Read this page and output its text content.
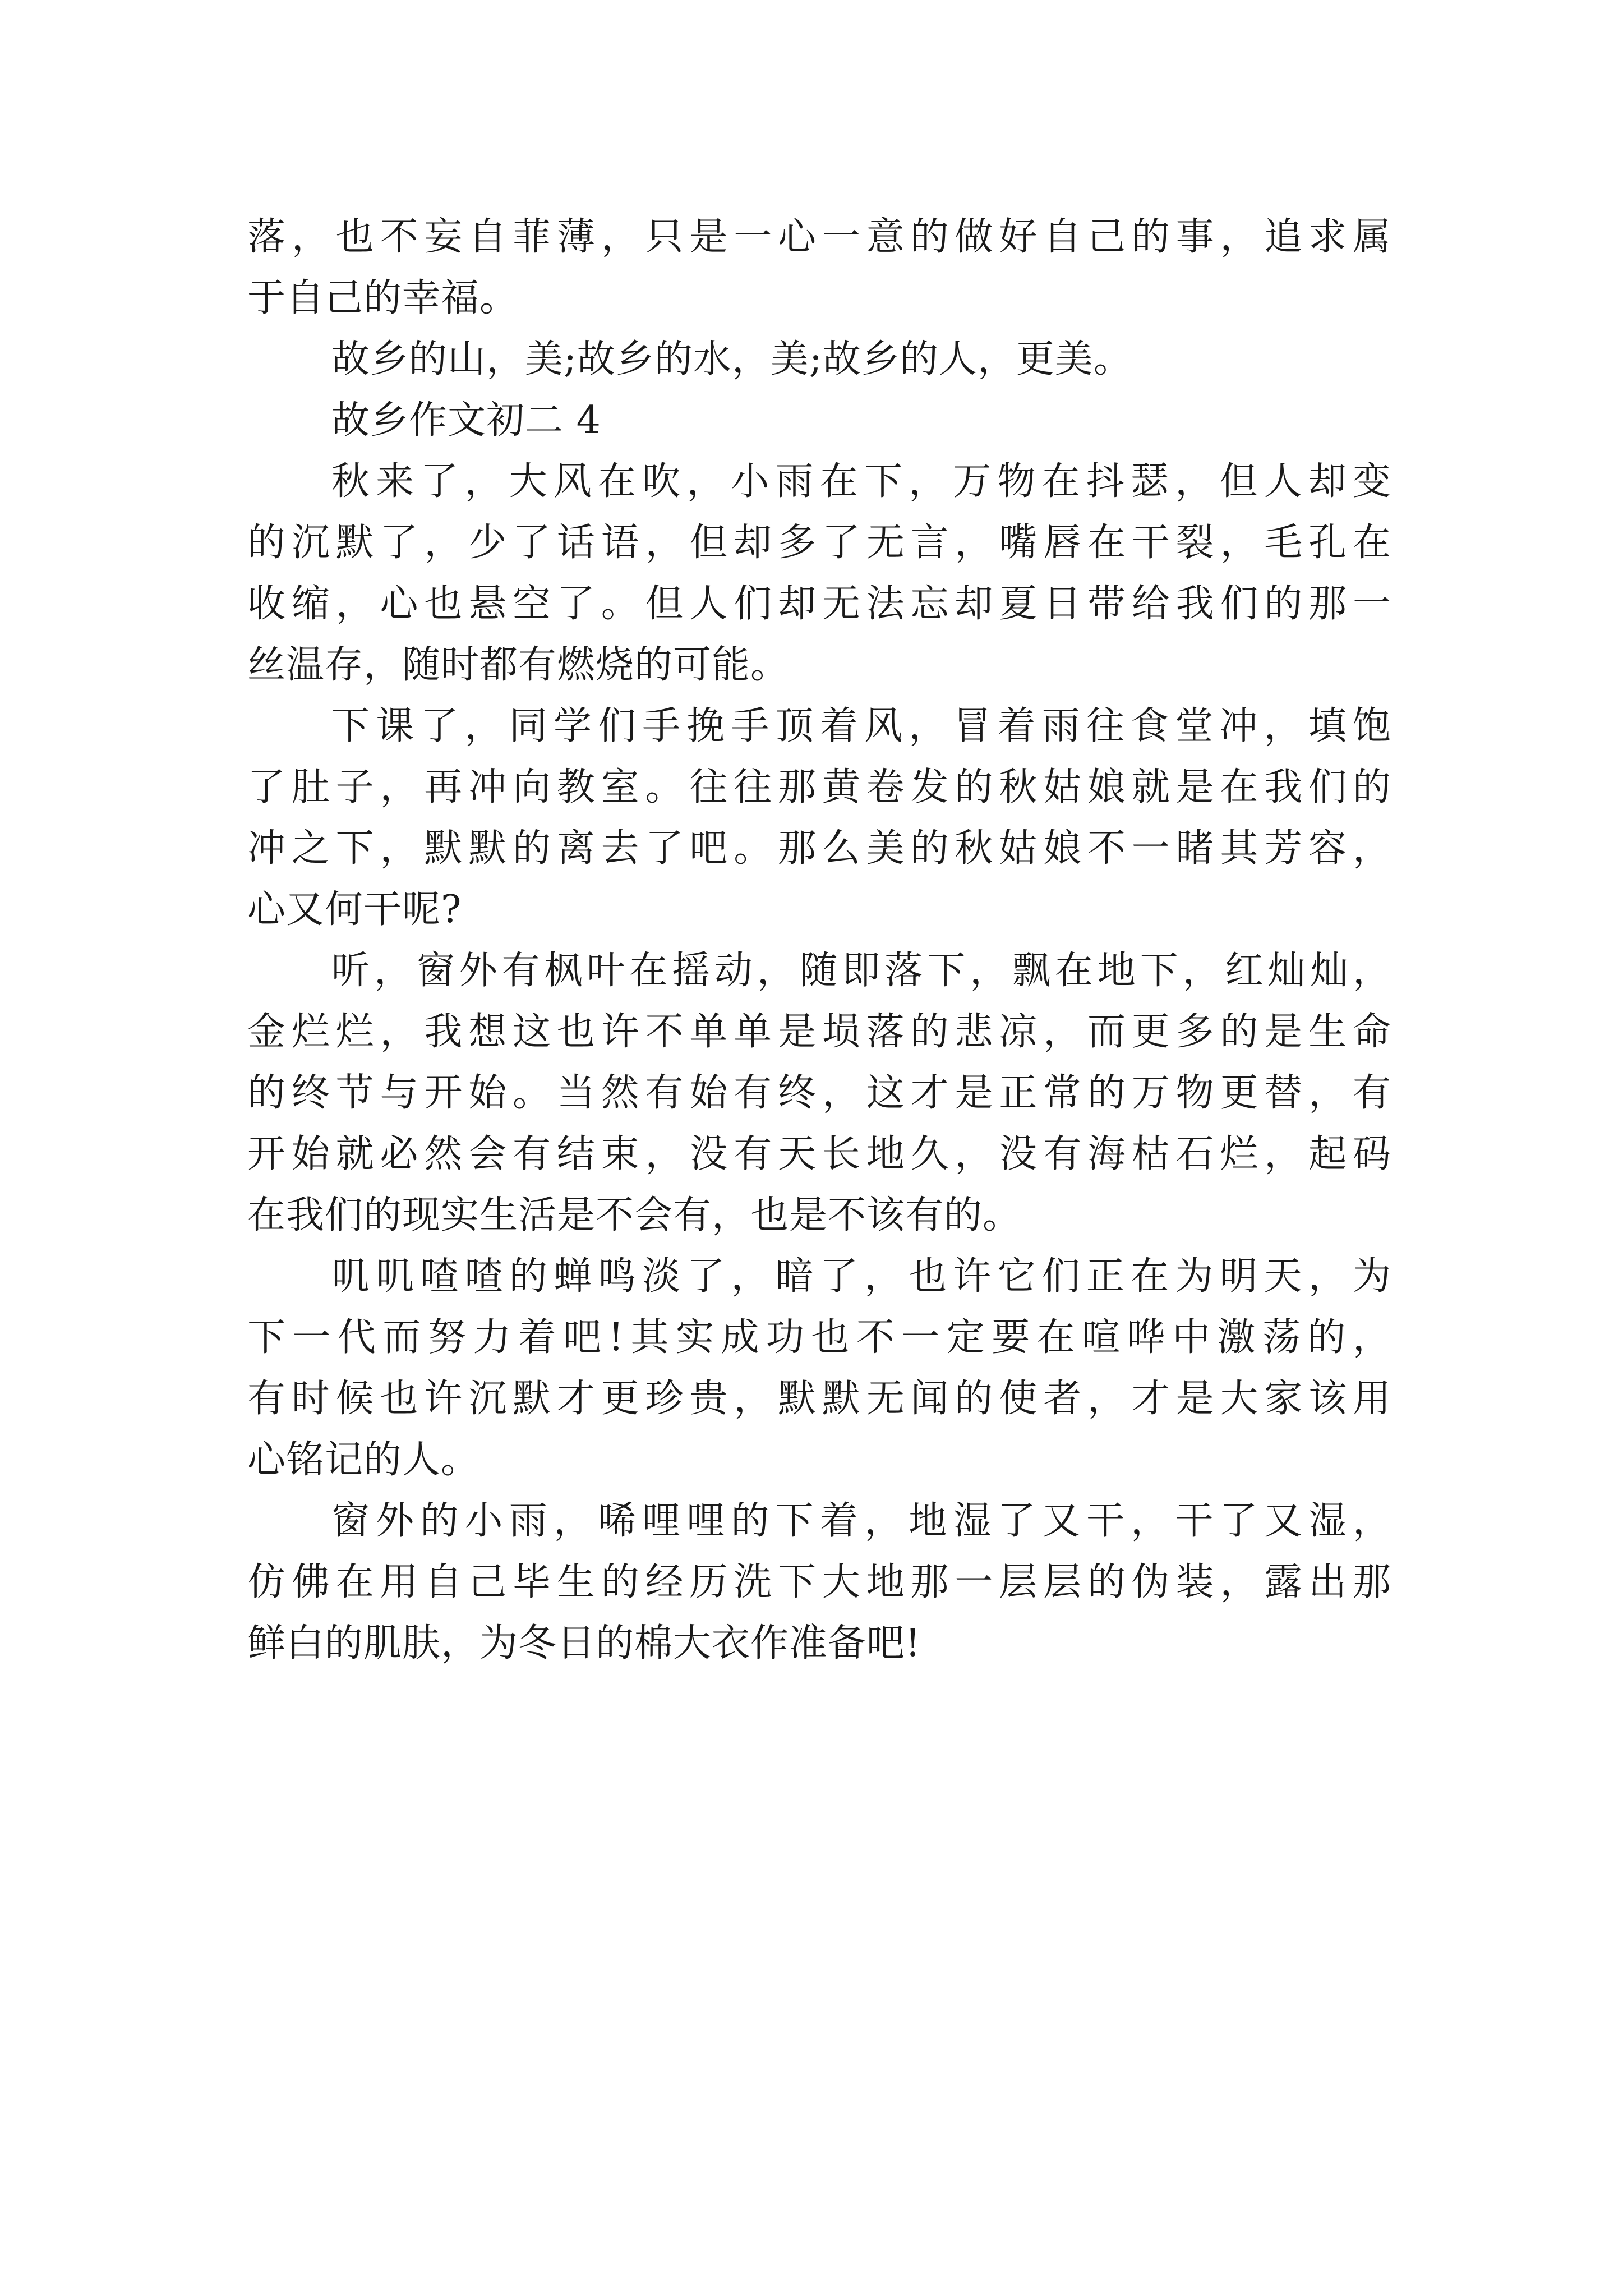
落，也不妄自菲薄，只是一心一意的做好自己的事，追求属
于自己的幸福。
故乡的山，美;故乡的水，美;故乡的人，更美。
故乡作文初二 4
秋来了，大风在吹，小雨在下，万物在抖瑟，但人却变
的沉默了，少了话语，但却多了无言，嘴唇在干裂，毛孔在
收缩，心也悬空了。但人们却无法忘却夏日带给我们的那一
丝温存，随时都有燃烧的可能。
下课了，同学们手挽手顶着风，冒着雨往食堂冲，填饱
了肚子，再冲向教室。往往那黄卷发的秋姑娘就是在我们的
冲之下，默默的离去了吧。那么美的秋姑娘不一睹其芳容，
心又何干呢?
听，窗外有枫叶在摇动，随即落下，飘在地下，红灿灿，
金烂烂，我想这也许不单单是埙落的悲凉，而更多的是生命
的终节与开始。当然有始有终，这才是正常的万物更替，有
开始就必然会有结束，没有天长地久，没有海枯石烂，起码
在我们的现实生活是不会有，也是不该有的。
叽叽喳喳的蝉鸣淡了，暗了，也许它们正在为明天，为
下一代而努力着吧!其实成功也不一定要在喧哗中激荡的，
有时候也许沉默才更珍贵，默默无闻的使者，才是大家该用
心铭记的人。
窗外的小雨，唏哩哩的下着，地湿了又干，干了又湿，
仿佛在用自己毕生的经历洗下大地那一层层的伪装，露出那
鲜白的肌肤，为冬日的棉大衣作准备吧!
